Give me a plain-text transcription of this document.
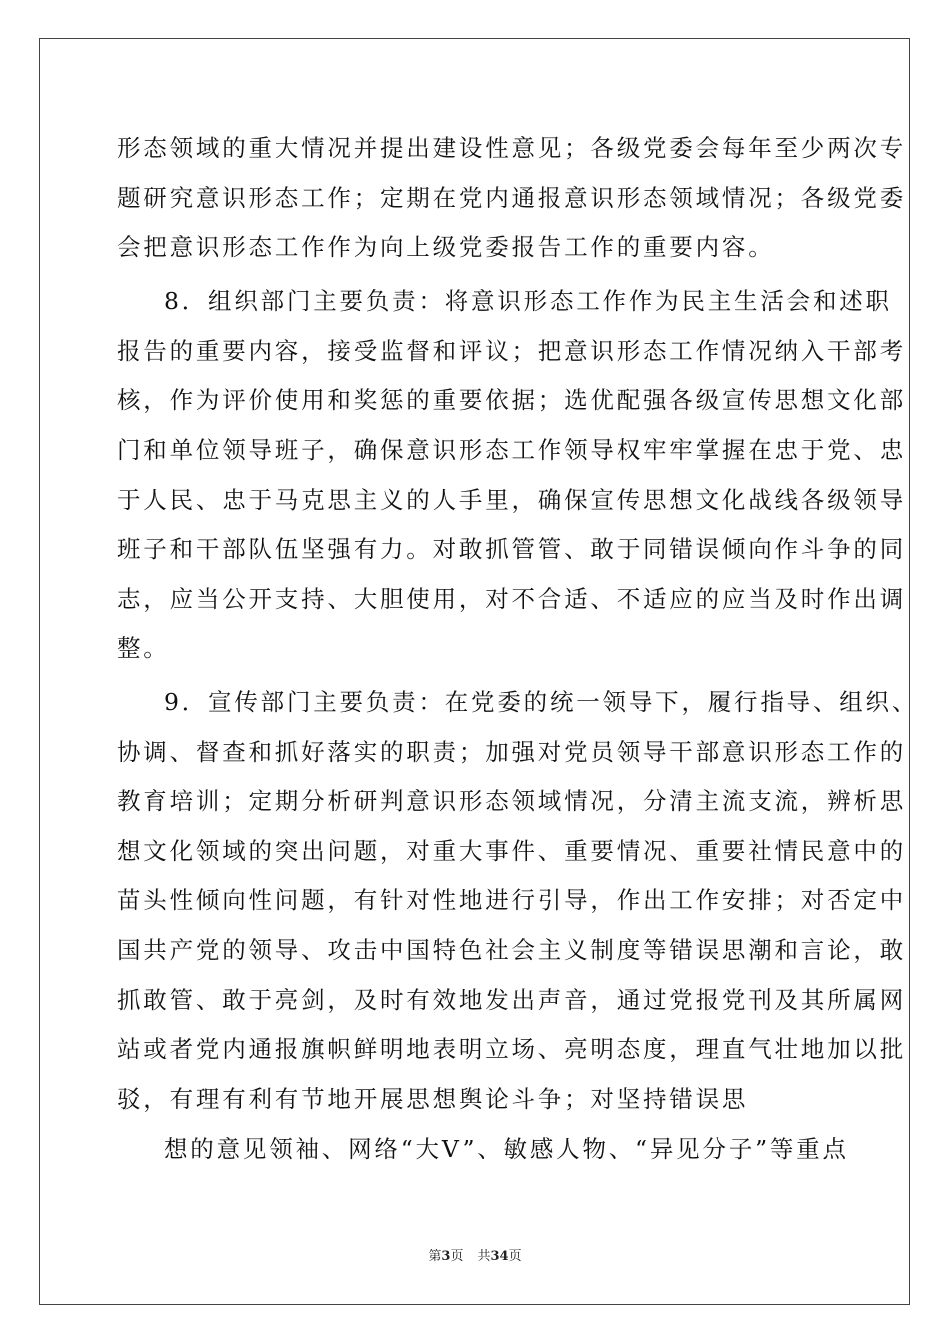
形态领域的重大情况并提出建设性意见；各级党委会每年至少两次专
题研究意识形态工作；定期在党内通报意识形态领域情况；各级党委
会把意识形态工作作为向上级党委报告工作的重要内容。
8．组织部门主要负责：将意识形态工作作为民主生活会和述职
报告的重要内容，接受监督和评议；把意识形态工作情况纳入干部考
核，作为评价使用和奖惩的重要依据；选优配强各级宣传思想文化部
门和单位领导班子，确保意识形态工作领导权牢牢掌握在忠于党、忠
于人民、忠于马克思主义的人手里，确保宣传思想文化战线各级领导
班子和干部队伍坚强有力。对敢抓管管、敢于同错误倾向作斗争的同
志，应当公开支持、大胆使用，对不合适、不适应的应当及时作出调
整。
9．宣传部门主要负责：在党委的统一领导下，履行指导、组织、
协调、督查和抓好落实的职责；加强对党员领导干部意识形态工作的
教育培训；定期分析研判意识形态领域情况，分清主流支流，辨析思
想文化领域的突出问题，对重大事件、重要情况、重要社情民意中的
苗头性倾向性问题，有针对性地进行引导，作出工作安排；对否定中
国共产党的领导、攻击中国特色社会主义制度等错误思潮和言论，敢
抓敢管、敢于亮剑，及时有效地发出声音，通过党报党刊及其所属网
站或者党内通报旗帜鲜明地表明立场、亮明态度，理直气壮地加以批
驳，有理有利有节地开展思想舆论斗争；对坚持错误思
想的意见领袖、网络“大V”、敏感人物、“异见分子”等重点
第3页 共34页
